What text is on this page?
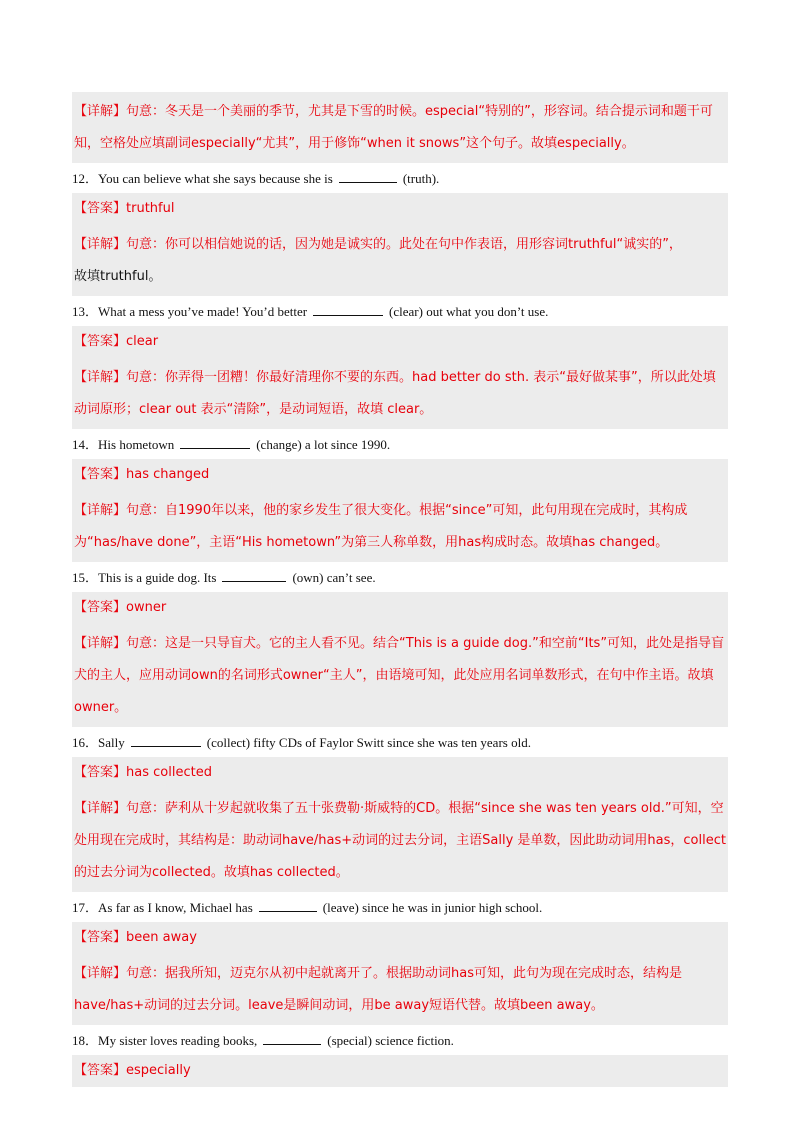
【详解】句意：冬天是一个美丽的季节，尤其是下雪的时候。especial“特别的”，形容词。结合提示词和题干可知，空格处应填副词especially“尤其”，用于修饰“when it snows”这个句子。故填especially。
12．You can believe what she says because she is	(truth).
【答案】truthful
【详解】句意：你可以相信她说的话，因为她是诚实的。此处在句中作表语，用形容词truthful“诚实的”，
故填truthful。
13．What a mess you’ve made! You’d better	(clear) out what you don’t use.
【答案】clear
【详解】句意：你弄得一团糟！你最好清理你不要的东西。had better do sth. 表示“最好做某事”，所以此处填动词原形；clear out 表示“清除”，是动词短语，故填 clear。
14．His hometown	(change) a lot since 1990.
【答案】has changed
【详解】句意：自1990年以来，他的家乡发生了很大变化。根据“since”可知，此句用现在完成时，其构成为“has/have done”，主语“His hometown”为第三人称单数，用has构成时态。故填has changed。
15．This is a guide dog. Its	(own) can’t see.
【答案】owner
【详解】句意：这是一只导盲犬。它的主人看不见。结合“This is a guide dog.”和空前“Its”可知，此处是指导盲犬的主人，应用动词own的名词形式owner“主人”，由语境可知，此处应用名词单数形式，在句中作主语。故填owner。
16．Sally	(collect) fifty CDs of Faylor Switt since she was ten years old.
【答案】has collected
【详解】句意：萨利从十岁起就收集了五十张费勒·斯威特的CD。根据“since she was ten years old.”可知，空处用现在完成时，其结构是：助动词have/has+动词的过去分词，主语Sally 是单数，因此助动词用has，collect的过去分词为collected。故填has collected。
17．As far as I know, Michael has	(leave) since he was in junior high school.
【答案】been away
【详解】句意：据我所知，迈克尔从初中起就离开了。根据助动词has可知，此句为现在完成时态，结构是have/has+动词的过去分词。leave是瞬间动词，用be away短语代替。故填been away。
18．My sister loves reading books,	(special) science fiction.
【答案】especially
